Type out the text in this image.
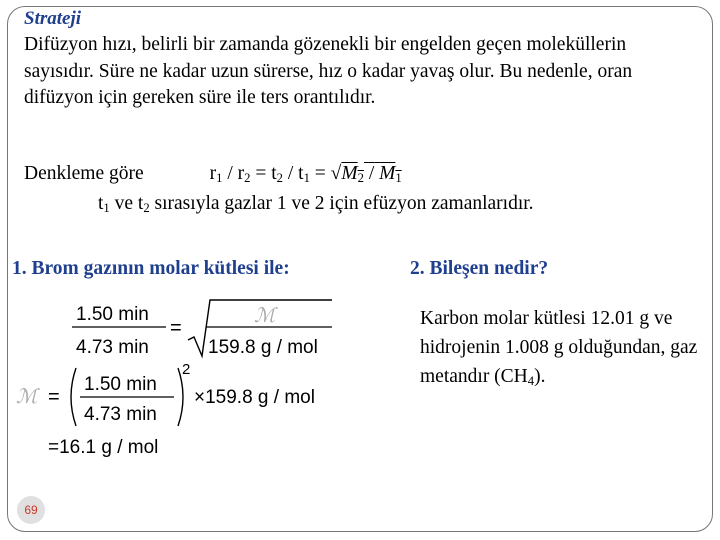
Strateji

Difüzyon hızı, belirli bir zamanda gözenekli bir engelden geçen moleküllerin sayısıdır. Süre ne kadar uzun sürerse, hız o kadar yavaş olur. Bu nedenle, oran difüzyon için gereken süre ile ters orantılıdır.

Denkleme göre	$r_1 / r_2 = t_2 / t_1 = √M_2 / M_1$
$t_1$ ve $t_2$ sırasıyla gazlar 1 ve 2 için efüzyon zamanlarıdır.

1. Brom gazının molar kütlesi ile:	2. Bileşen nedir?

1.50 min
4.73 min
=
ℳ
159.8 g / mol
ℳ =
1.50 min
4.73 min
2
×159.8 g / mol
=16.1 g / mol

Karbon molar kütlesi 12.01 g ve hidrojenin 1.008 g olduğundan, gaz metandır $(CH_4)$.

69
